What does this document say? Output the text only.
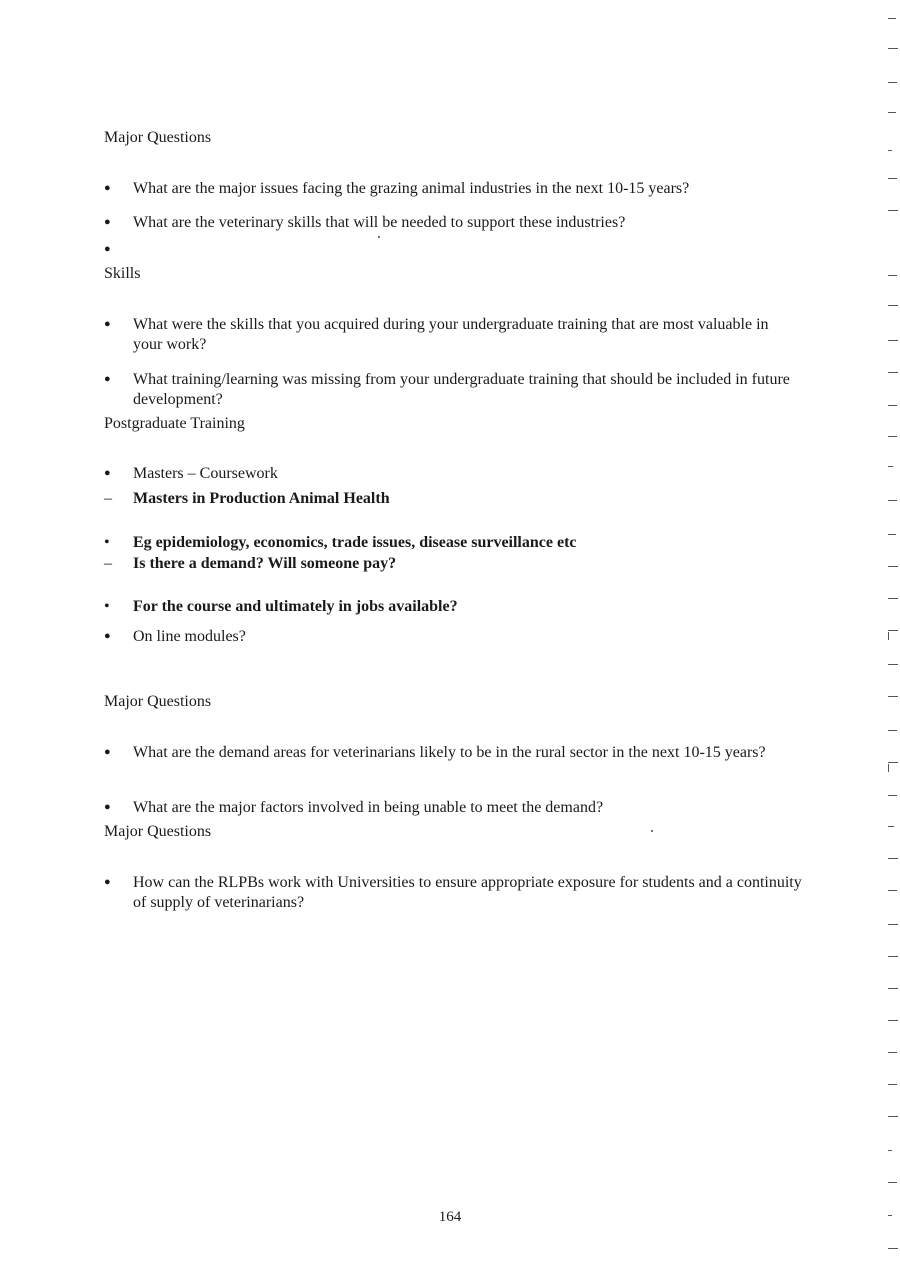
Major Questions
●
What are the major issues facing the grazing animal industries in the next 10-15 years?
●
What are the veterinary skills that will be needed to support these industries?
●
Skills
●
What were the skills that you acquired during your undergraduate training that are most valuable in your work?
●
What training/learning was missing from your undergraduate training that should be included in future development?
Postgraduate Training
●
Masters – Coursework
–	Masters in Production Animal Health
•
Eg epidemiology, economics, trade issues, disease surveillance etc
–	Is there a demand? Will someone pay?
•
For the course and ultimately in jobs available?
●
On line modules?
Major Questions
●
What are the demand areas for veterinarians likely to be in the rural sector in the next 10-15 years?
●
What are the major factors involved in being unable to meet the demand?
Major Questions
●
How can the RLPBs work with Universities to ensure appropriate exposure for students and a continuity of supply of veterinarians?
164
